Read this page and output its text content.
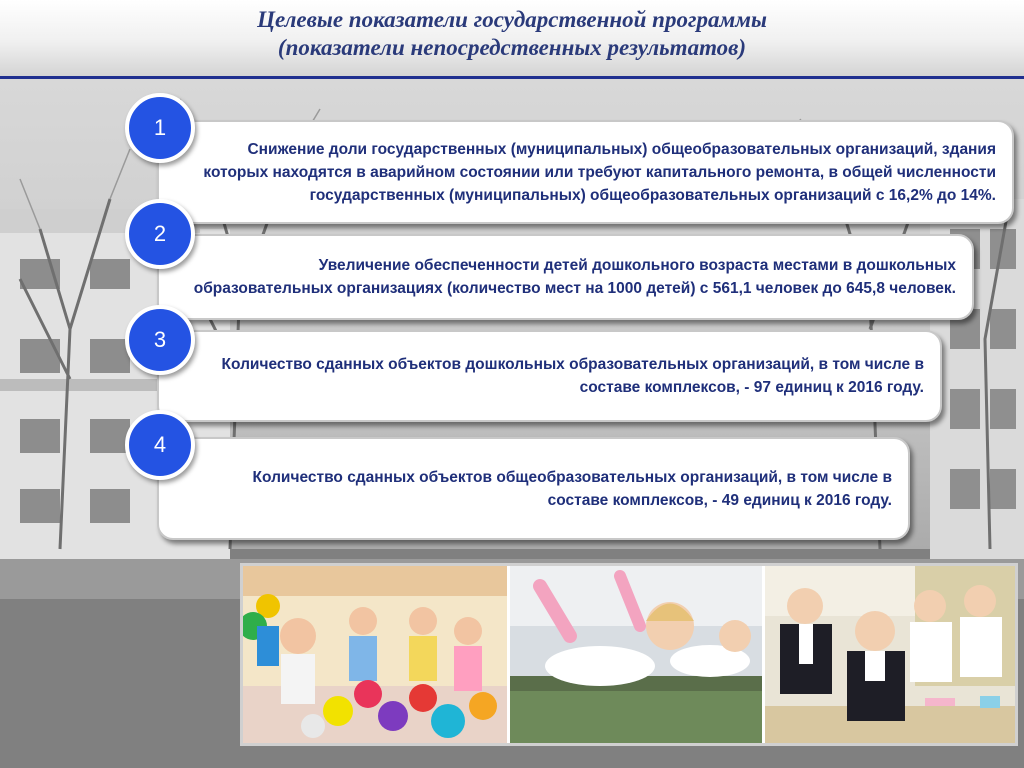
Целевые показатели государственной программы
(показатели непосредственных результатов)
Снижение доли государственных (муниципальных) общеобразовательных организаций, здания которых находятся в аварийном состоянии или требуют капитального ремонта, в общей численности государственных (муниципальных) общеобразовательных организаций с 16,2% до 14%.
1
Увеличение обеспеченности детей дошкольного возраста местами в дошкольных образовательных организациях (количество мест на 1000 детей) с 561,1 человек до 645,8 человек.
2
Количество сданных объектов дошкольных образовательных организаций, в том числе в составе комплексов, - 97 единиц к 2016 году.
3
Количество сданных объектов общеобразовательных организаций, в том числе в составе комплексов, - 49 единиц к 2016 году.
4
